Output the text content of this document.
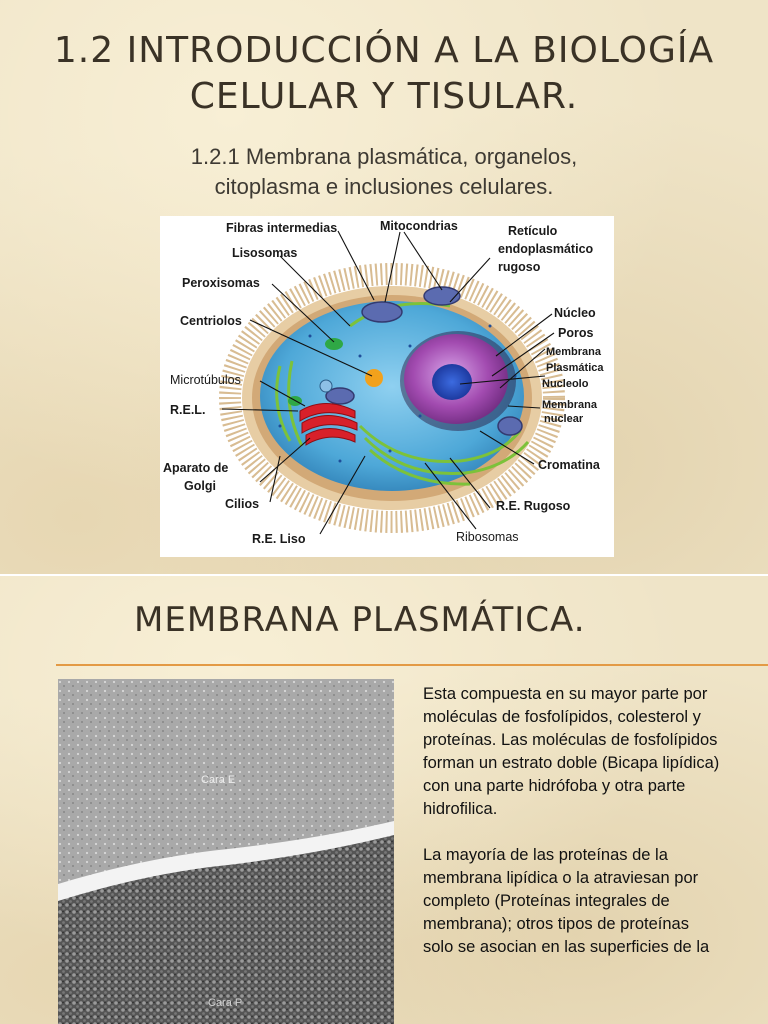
1.2 INTRODUCCIÓN A LA BIOLOGÍA CELULAR Y TISULAR.
1.2.1 Membrana plasmática, organelos,
citoplasma e inclusiones celulares.
Fibras intermedias	Mitocondrias	Retículo
endoplasmático
rugoso
Lisosomas
Peroxisomas
Centriolos
Núcleo
Poros
Membrana
Plasmática
Nucleolo
Membrana
nuclear
Microtúbulos
R.E.L.
Aparato de
Golgi
Cromatina
Cilios	R.E. Rugoso
R.E. Liso	Ribosomas
MEMBRANA PLASMÁTICA.
Cara E
Cara P

Esta compuesta en su mayor parte por moléculas de fosfolípidos, colesterol y proteínas. Las moléculas de fosfolípidos forman un estrato doble (Bicapa lipídica) con una parte hidrófoba y otra parte hidrofilica.

La mayoría de las proteínas de la membrana lipídica o la atraviesan por completo (Proteínas integrales de membrana); otros tipos de proteínas solo se asocian en las superficies de la
